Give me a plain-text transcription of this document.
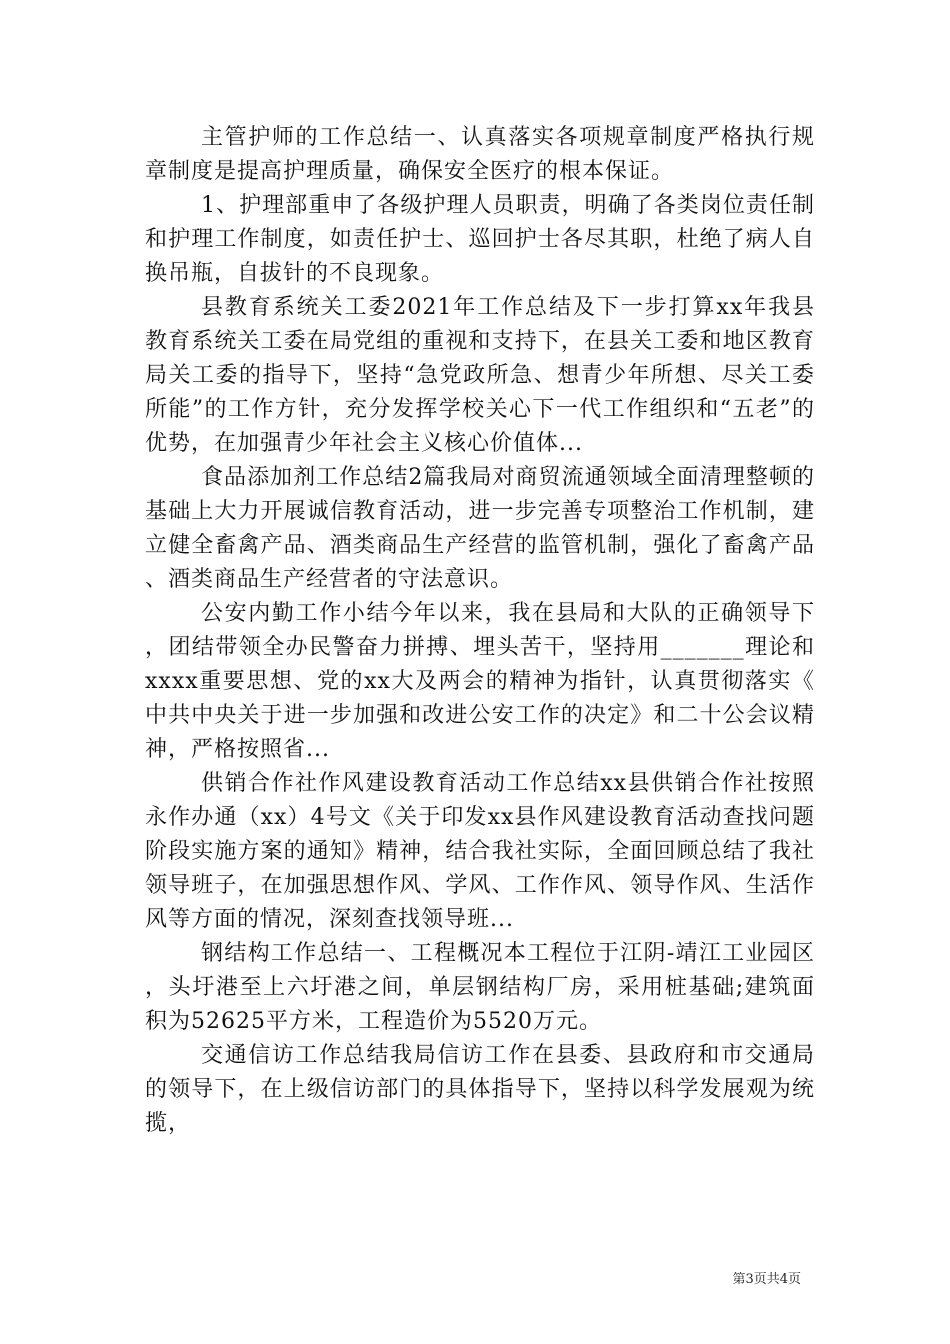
主管护师的工作总结一、认真落实各项规章制度严格执行规章制度是提高护理质量，确保安全医疗的根本保证。

1、护理部重申了各级护理人员职责，明确了各类岗位责任制和护理工作制度，如责任护士、巡回护士各尽其职，杜绝了病人自换吊瓶，自拔针的不良现象。

县教育系统关工委2021年工作总结及下一步打算xx年我县教育系统关工委在局党组的重视和支持下，在县关工委和地区教育局关工委的指导下，坚持“急党政所急、想青少年所想、尽关工委所能”的工作方针，充分发挥学校关心下一代工作组织和“五老”的优势，在加强青少年社会主义核心价值体...

食品添加剂工作总结2篇我局对商贸流通领域全面清理整顿的基础上大力开展诚信教育活动，进一步完善专项整治工作机制，建立健全畜禽产品、酒类商品生产经营的监管机制，强化了畜禽产品、酒类商品生产经营者的守法意识。

公安内勤工作小结今年以来，我在县局和大队的正确领导下，团结带领全办民警奋力拼搏、埋头苦干，坚持用_______理论和xxxx重要思想、党的xx大及两会的精神为指针，认真贯彻落实《中共中央关于进一步加强和改进公安工作的决定》和二十公会议精神，严格按照省...

供销合作社作风建设教育活动工作总结xx县供销合作社按照永作办通（xx）4号文《关于印发xx县作风建设教育活动查找问题阶段实施方案的通知》精神，结合我社实际，全面回顾总结了我社领导班子，在加强思想作风、学风、工作作风、领导作风、生活作风等方面的情况，深刻查找领导班...

钢结构工作总结一、工程概况本工程位于江阴-靖江工业园区，头圩港至上六圩港之间，单层钢结构厂房，采用桩基础;建筑面积为52625平方米，工程造价为5520万元。

交通信访工作总结我局信访工作在县委、县政府和市交通局的领导下，在上级信访部门的具体指导下，坚持以科学发展观为统揽，

第3页共4页
